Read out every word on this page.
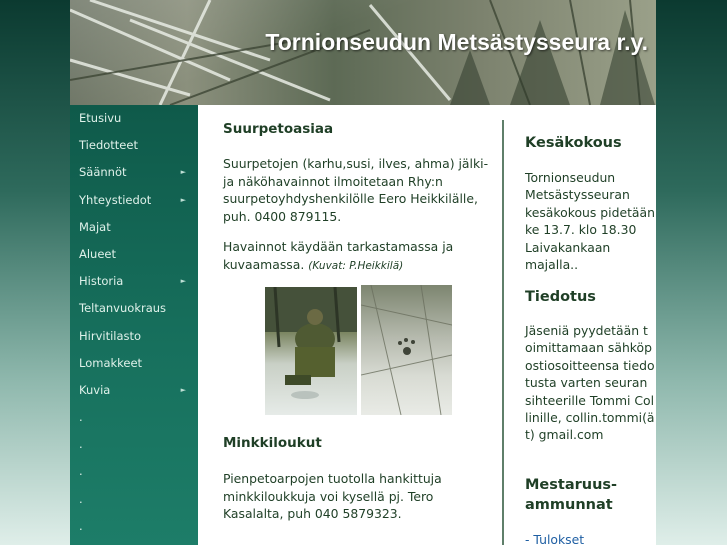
Tornionseudun Metsästysseura r.y.
Etusivu
Tiedotteet
Säännöt	►
Yhteystiedot	►
Majat
Alueet
Historia	►
Teltanvuokraus
Hirvitilasto
Lomakkeet
Kuvia	►
.
.
.
.
.
Suurpetoasiaa

Suurpetojen (karhu,susi, ilves, ahma) jälki- ja näköhavainnot ilmoitetaan Rhy:n suurpetoyhdyshenkilölle Eero Heikkilälle, puh. 0400 879115.

Havainnot käydään tarkastamassa ja kuvaamassa. (Kuvat: P.Heikkilä)

Minkkiloukut

Pienpetoarpojen tuotolla hankittuja minkkiloukkuja voi kysellä pj. Tero Kasalalta, puh 040 5879323.

Kesäkokous

Tornionseudun Metsästysseuran kesäkokous pidetään ke 13.7. klo 18.30 Laivakankaan majalla..

Tiedotus

Jäseniä pyydetään toimittamaan sähköpostiosoitteensa tiedotusta varten seuran sihteerille Tommi Collinille, collin.tommi(ät) gmail.com

Mestaruus-ammunnat
- Tulokset
